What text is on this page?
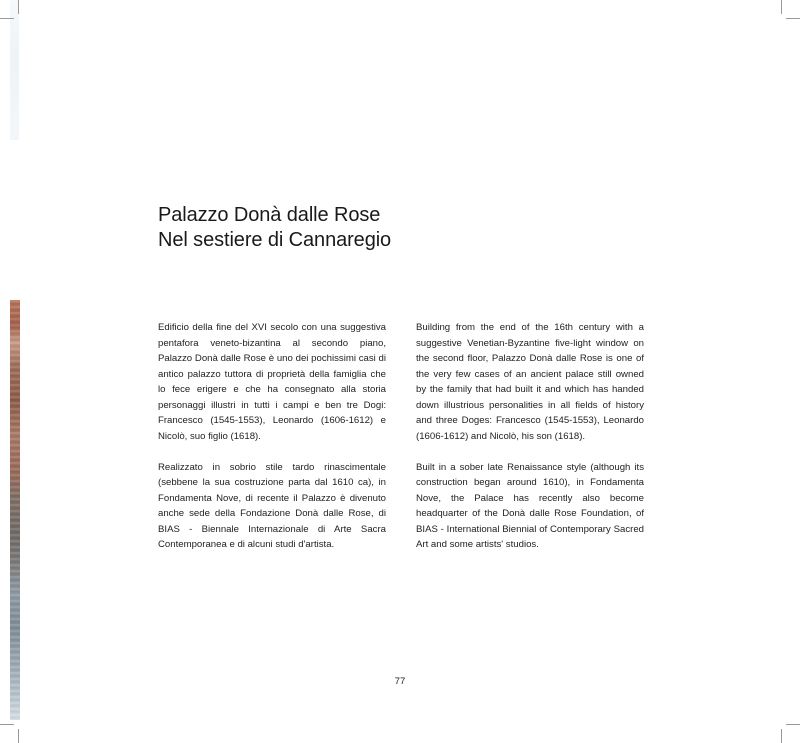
Palazzo Donà dalle Rose
Nel sestiere di Cannaregio

Edificio della fine del XVI secolo con una suggestiva pentafora veneto-bizantina al secondo piano, Palazzo Donà dalle Rose è uno dei pochissimi casi di antico palazzo tuttora di proprietà della famiglia che lo fece erigere e che ha consegnato alla storia personaggi illustri in tutti i campi e ben tre Dogi: Francesco (1545-1553), Leonardo (1606-1612) e Nicolò, suo figlio (1618).

Realizzato in sobrio stile tardo rinascimentale (sebbene la sua costruzione parta dal 1610 ca), in Fondamenta Nove, di recente il Palazzo è divenuto anche sede della Fondazione Donà dalle Rose, di BIAS - Biennale Internazionale di Arte Sacra Contemporanea e di alcuni studi d'artista.

Building from the end of the 16th century with a suggestive Venetian-Byzantine five-light window on the second floor, Palazzo Donà dalle Rose is one of the very few cases of an ancient palace still owned by the family that had built it and which has handed down illustrious personalities in all fields of history and three Doges: Francesco (1545-1553), Leonardo (1606-1612) and Nicolò, his son (1618).

Built in a sober late Renaissance style (although its construction began around 1610), in Fondamenta Nove, the Palace has recently also become headquarter of the Donà dalle Rose Foundation, of BIAS - International Biennial of Contemporary Sacred Art and some artists' studios.

77
